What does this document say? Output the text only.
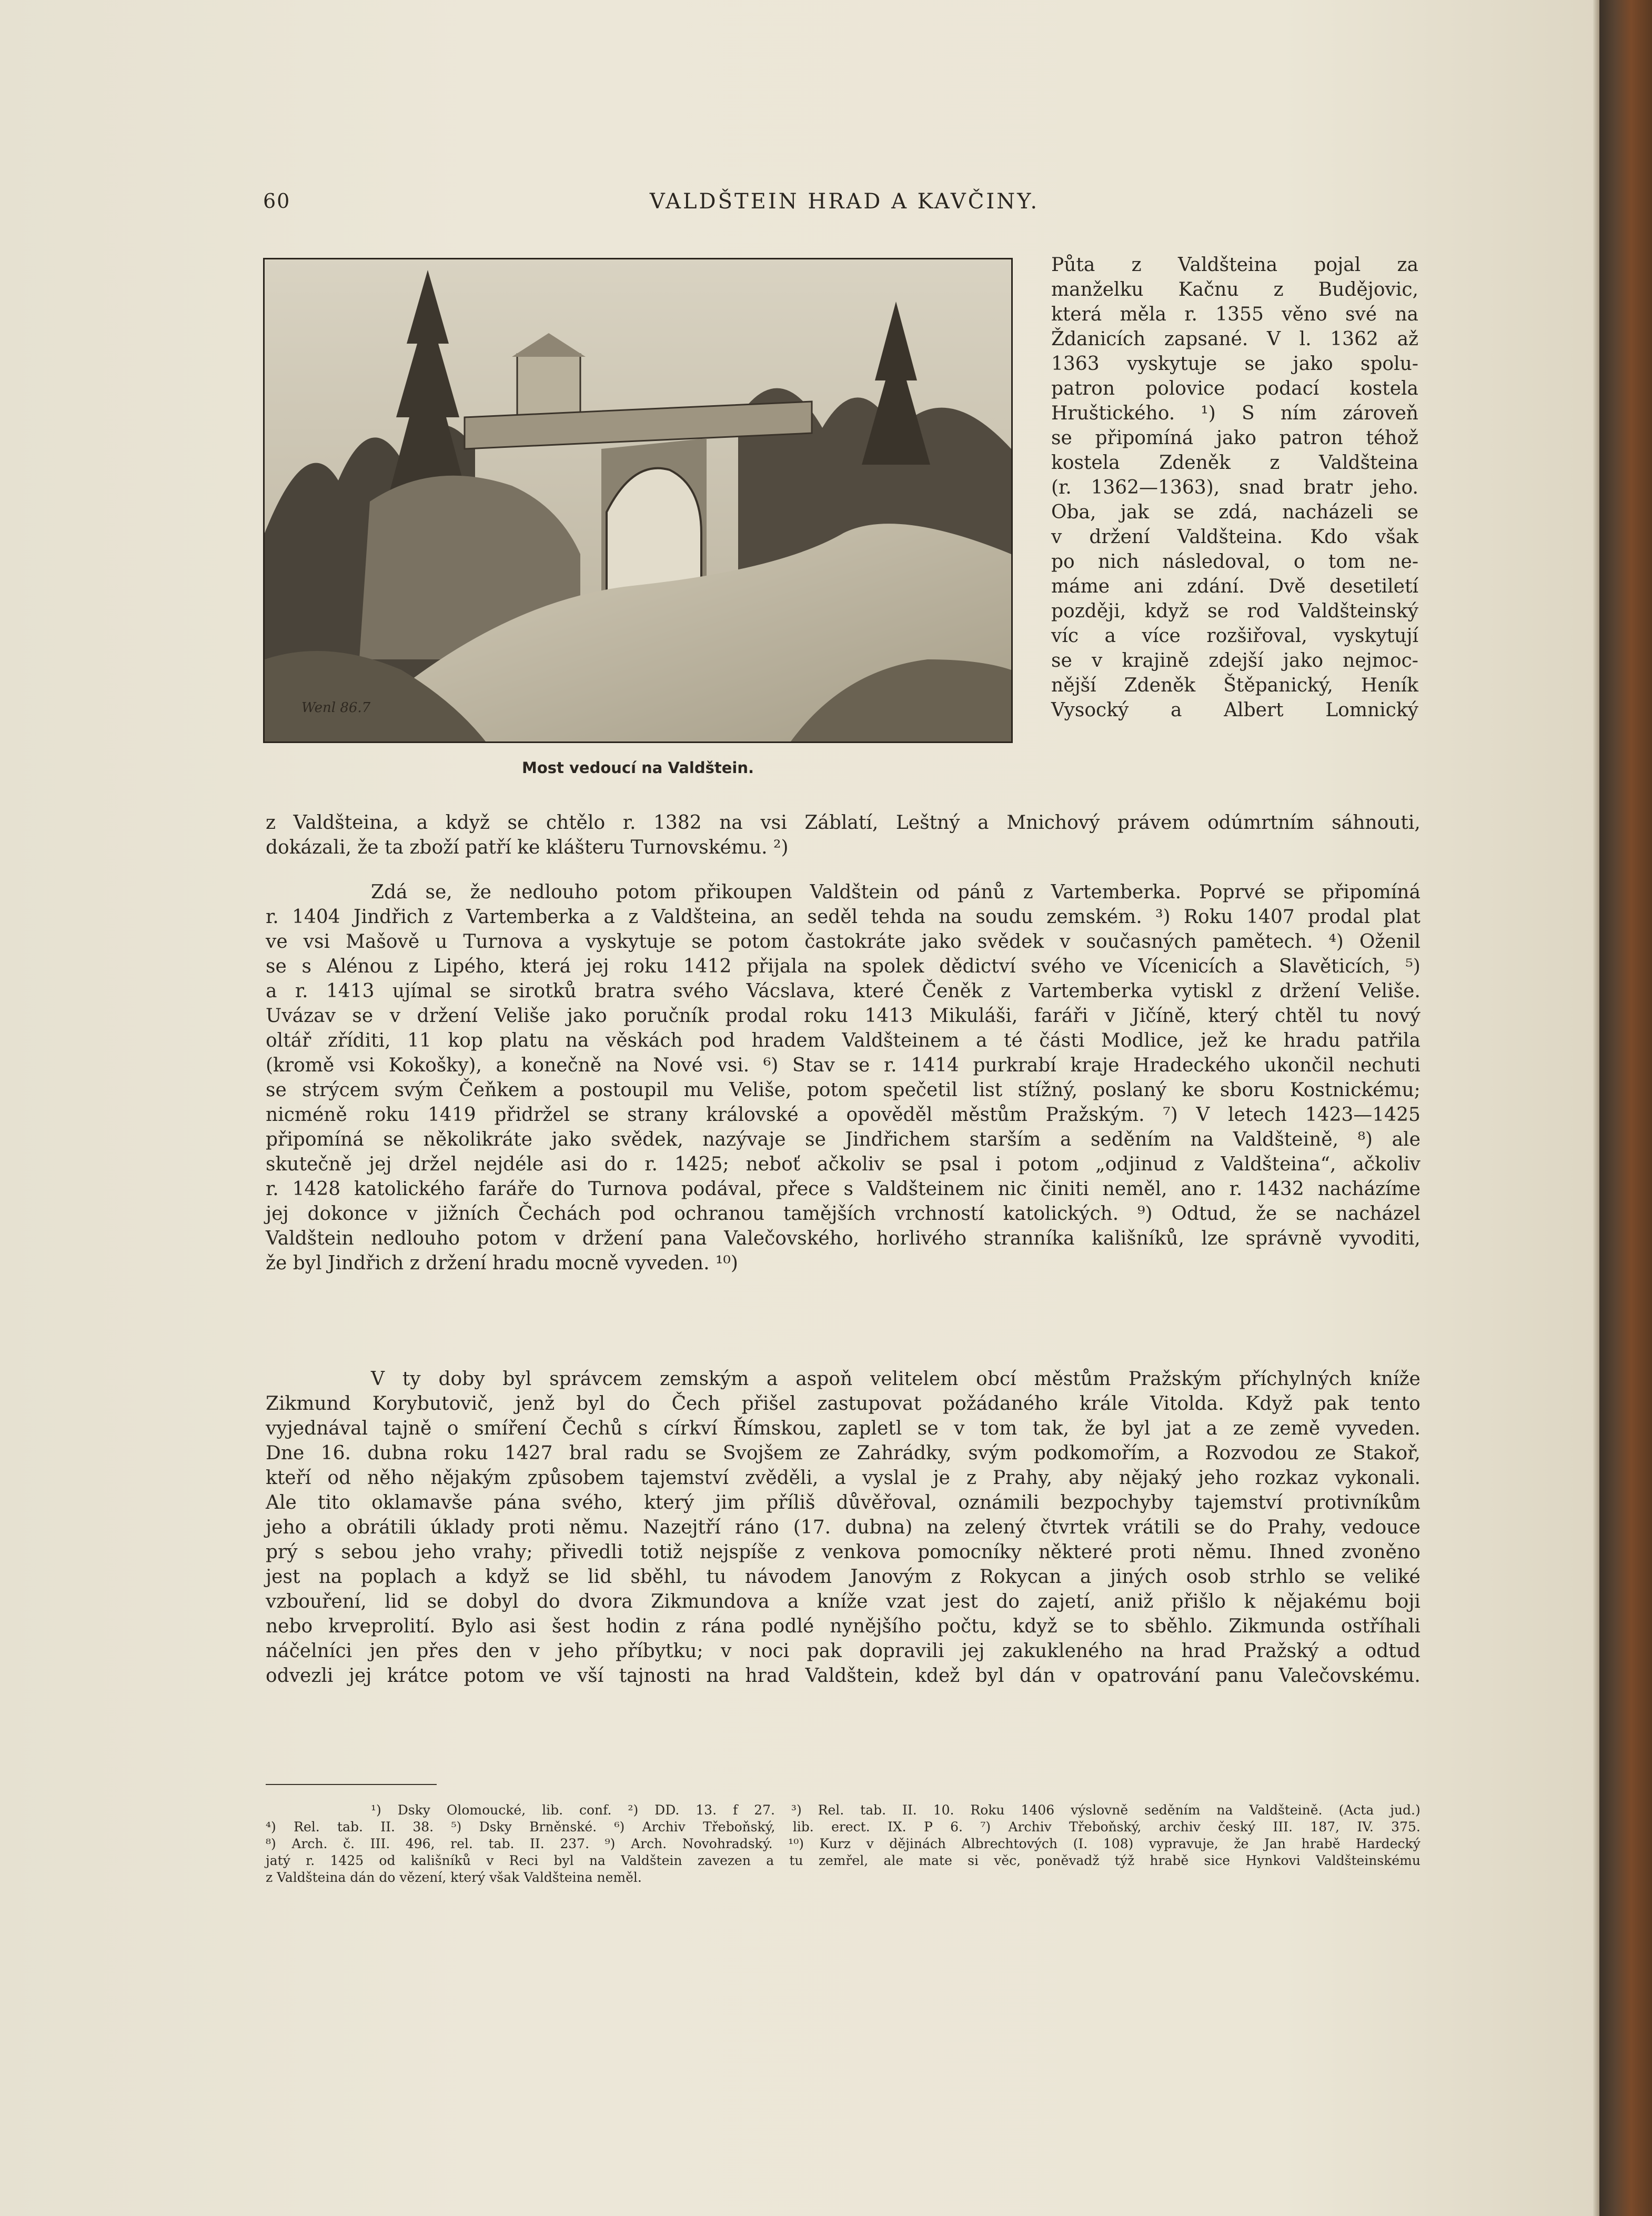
60	VALDŠTEIN HRAD A KAVČINY.
Wenl 86.7
Most vedoucí na Valdštein.
Půta z Valdšteina pojal za
manželku Kačnu z Budějovic,
která měla r. 1355 věno své na
Ždanicích zapsané. V l. 1362 až
1363 vyskytuje se jako spolu-
patron polovice podací kostela
Hruštického. ¹) S ním zároveň
se připomíná jako patron téhož
kostela Zdeněk z Valdšteina
(r. 1362—1363), snad bratr jeho.
Oba, jak se zdá, nacházeli se
v držení Valdšteina. Kdo však
po nich následoval, o tom ne-
máme ani zdání. Dvě desetiletí
později, když se rod Valdšteinský
víc a více rozšiřoval, vyskytují
se v krajině zdejší jako nejmoc-
nější Zdeněk Štěpanický, Heník
Vysocký a Albert Lomnický
z Valdšteina, a když se chtělo r. 1382 na vsi Záblatí, Leštný a Mnichový právem odúmrtním sáhnouti,
dokázali, že ta zboží patří ke klášteru Turnovskému. ²)
Zdá se, že nedlouho potom přikoupen Valdštein od pánů z Vartemberka. Poprvé se připomíná
r. 1404 Jindřich z Vartemberka a z Valdšteina, an seděl tehda na soudu zemském. ³) Roku 1407 prodal plat
ve vsi Mašově u Turnova a vyskytuje se potom častokráte jako svědek v současných pamětech. ⁴) Oženil
se s Alénou z Lipého, která jej roku 1412 přijala na spolek dědictví svého ve Vícenicích a Slavěticích, ⁵)
a r. 1413 ujímal se sirotků bratra svého Vácslava, které Čeněk z Vartemberka vytiskl z držení Veliše.
Uvázav se v držení Veliše jako poručník prodal roku 1413 Mikuláši, faráři v Jičíně, který chtěl tu nový
oltář zříditi, 11 kop platu na věskách pod hradem Valdšteinem a té části Modlice, jež ke hradu patřila
(kromě vsi Kokošky), a konečně na Nové vsi. ⁶) Stav se r. 1414 purkrabí kraje Hradeckého ukončil nechuti
se strýcem svým Čeňkem a postoupil mu Veliše, potom spečetil list stížný, poslaný ke sboru Kostnickému;
nicméně roku 1419 přidržel se strany královské a opověděl městům Pražským. ⁷) V letech 1423—1425
připomíná se několikráte jako svědek, nazývaje se Jindřichem starším a seděním na Valdšteině, ⁸) ale
skutečně jej držel nejdéle asi do r. 1425; neboť ačkoliv se psal i potom „odjinud z Valdšteina“, ačkoliv
r. 1428 katolického faráře do Turnova podával, přece s Valdšteinem nic činiti neměl, ano r. 1432 nacházíme
jej dokonce v jižních Čechách pod ochranou tamějších vrchností katolických. ⁹) Odtud, že se nacházel
Valdštein nedlouho potom v držení pana Valečovského, horlivého stranníka kališníků, lze správně vyvoditi,
že byl Jindřich z držení hradu mocně vyveden. ¹⁰)
V ty doby byl správcem zemským a aspoň velitelem obcí městům Pražským příchylných kníže
Zikmund Korybutovič, jenž byl do Čech přišel zastupovat požádaného krále Vitolda. Když pak tento
vyjednával tajně o smíření Čechů s církví Římskou, zapletl se v tom tak, že byl jat a ze země vyveden.
Dne 16. dubna roku 1427 bral radu se Svojšem ze Zahrádky, svým podkomořím, a Rozvodou ze Stakoř,
kteří od něho nějakým způsobem tajemství zvěděli, a vyslal je z Prahy, aby nějaký jeho rozkaz vykonali.
Ale tito oklamavše pána svého, který jim příliš důvěřoval, oznámili bezpochyby tajemství protivníkům
jeho a obrátili úklady proti němu. Nazejtří ráno (17. dubna) na zelený čtvrtek vrátili se do Prahy, vedouce
prý s sebou jeho vrahy; přivedli totiž nejspíše z venkova pomocníky některé proti němu. Ihned zvoněno
jest na poplach a když se lid sběhl, tu návodem Janovým z Rokycan a jiných osob strhlo se veliké
vzbouření, lid se dobyl do dvora Zikmundova a kníže vzat jest do zajetí, aniž přišlo k nějakému boji
nebo krveprolití. Bylo asi šest hodin z rána podlé nynějšího počtu, když se to sběhlo. Zikmunda ostříhali
náčelníci jen přes den v jeho příbytku; v noci pak dopravili jej zakukleného na hrad Pražský a odtud
odvezli jej krátce potom ve vší tajnosti na hrad Valdštein, kdež byl dán v opatrování panu Valečovskému.
¹) Dsky Olomoucké, lib. conf. ²) DD. 13. f 27. ³) Rel. tab. II. 10. Roku 1406 výslovně seděním na Valdšteině. (Acta jud.)
⁴) Rel. tab. II. 38. ⁵) Dsky Brněnské. ⁶) Archiv Třeboňský, lib. erect. IX. P 6. ⁷) Archiv Třeboňský, archiv český III. 187, IV. 375.
⁸) Arch. č. III. 496, rel. tab. II. 237. ⁹) Arch. Novohradský. ¹⁰) Kurz v dějinách Albrechtových (I. 108) vypravuje, že Jan hrabě Hardecký
jatý r. 1425 od kališníků v Reci byl na Valdštein zavezen a tu zemřel, ale mate si věc, poněvadž týž hrabě sice Hynkovi Valdšteinskému
z Valdšteina dán do vězení, který však Valdšteina neměl.
